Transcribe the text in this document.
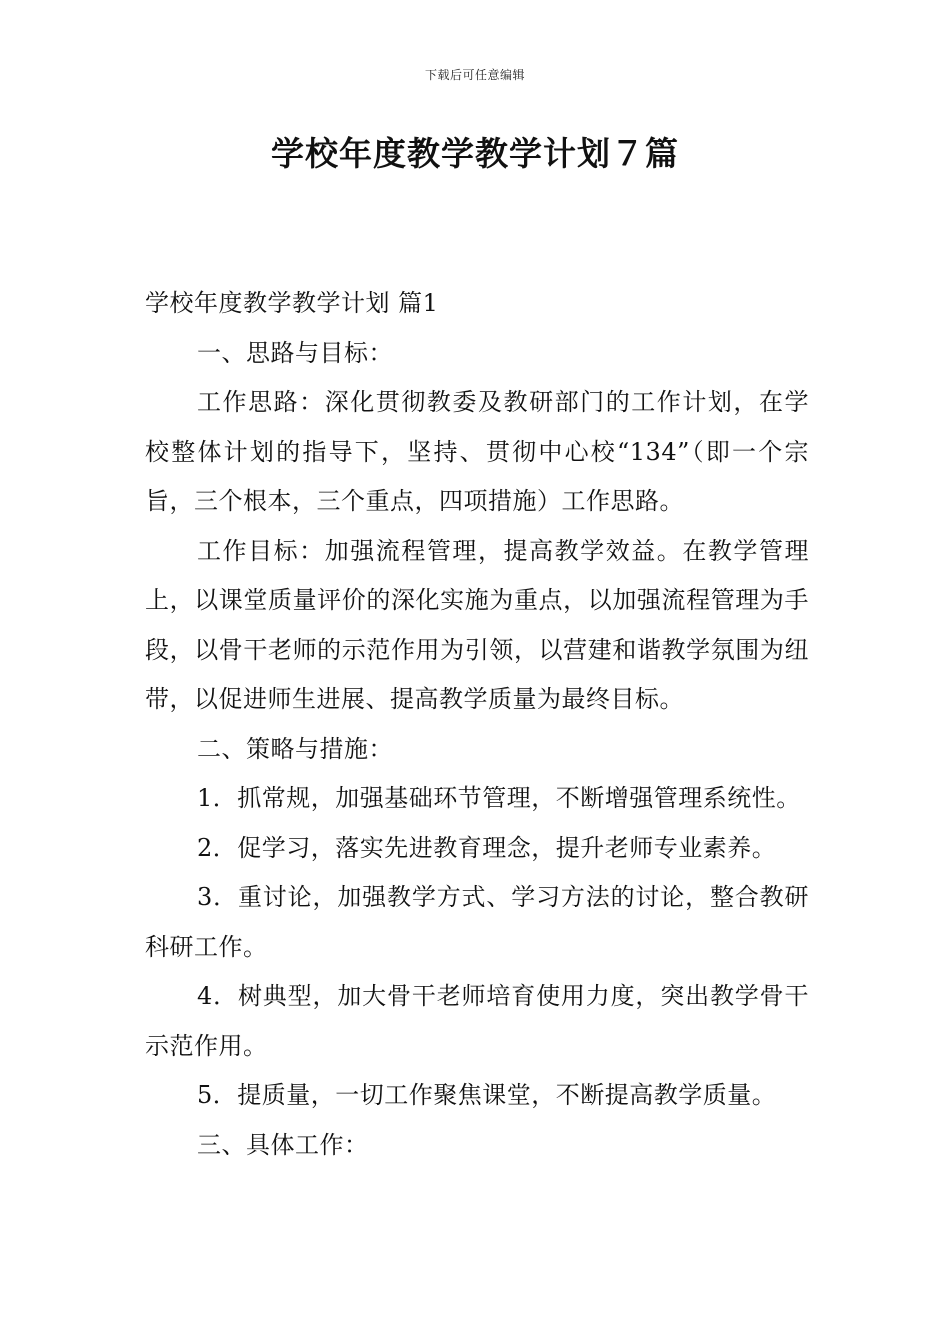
下载后可任意编辑
学校年度教学教学计划７篇

学校年度教学教学计划 篇1

一、思路与目标：

工作思路：深化贯彻教委及教研部门的工作计划，在学校整体计划的指导下，坚持、贯彻中心校“134”（即一个宗旨，三个根本，三个重点，四项措施）工作思路。

工作目标：加强流程管理，提高教学效益。在教学管理上，以课堂质量评价的深化实施为重点，以加强流程管理为手段，以骨干老师的示范作用为引领，以营建和谐教学氛围为纽带，以促进师生进展、提高教学质量为最终目标。

二、策略与措施：

1．抓常规，加强基础环节管理，不断增强管理系统性。

2．促学习，落实先进教育理念，提升老师专业素养。

3．重讨论，加强教学方式、学习方法的讨论，整合教研科研工作。

4．树典型，加大骨干老师培育使用力度，突出教学骨干示范作用。

5．提质量，一切工作聚焦课堂，不断提高教学质量。

三、具体工作：
